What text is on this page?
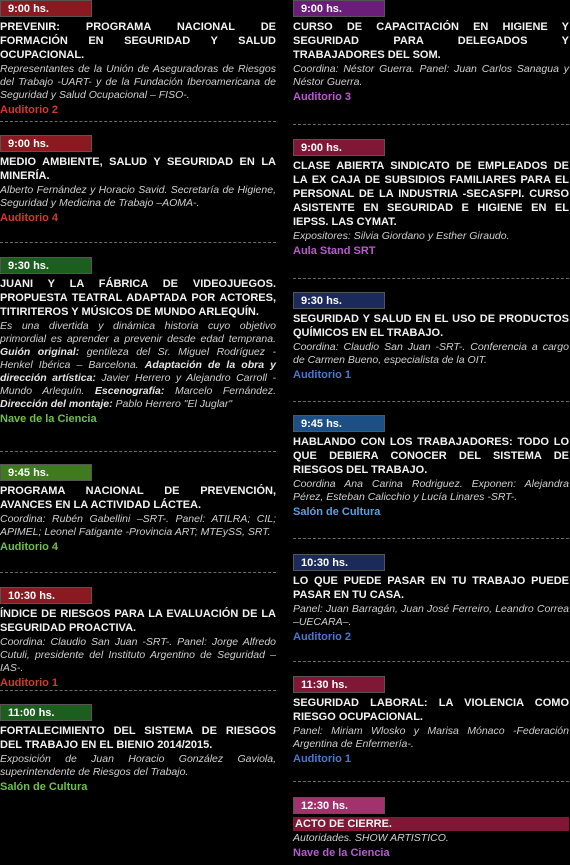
9:00 hs.
PREVENIR: PROGRAMA NACIONAL DE FORMACIÓN EN SEGURIDAD Y SALUD OCUPACIONAL.
Representantes de la Unión de Aseguradoras de Riesgos del Trabajo -UART- y de la Fundación Iberoamericana de Seguridad y Salud Ocupacional – FISO-.
Auditorio 2
9:00 hs.
MEDIO AMBIENTE, SALUD Y SEGURIDAD EN LA MINERÍA.
Alberto Fernández y Horacio Savid. Secretaría de Higiene, Seguridad y Medicina de Trabajo –AOMA-.
Auditorio 4
9:30 hs.
JUANI Y LA FÁBRICA DE VIDEOJUEGOS. PROPUESTA TEATRAL ADAPTADA POR ACTORES, TITIRITEROS Y MÚSICOS DE MUNDO ARLEQUÍN.
Es una divertida y dinámica historia cuyo objetivo primordial es aprender a prevenir desde edad temprana. Guión original: gentileza del Sr. Miguel Rodríguez - Henkel Ibérica – Barcelona. Adaptación de la obra y dirección artística: Javier Herrero y Alejandro Carroll - Mundo Arlequín. Escenografía: Marcelo Fernández. Dirección del montaje: Pablo Herrero "El Juglar"
Nave de la Ciencia
9:45 hs.
PROGRAMA NACIONAL DE PREVENCIÓN, AVANCES EN LA ACTIVIDAD LÁCTEA.
Coordina: Rubén Gabellini –SRT-. Panel: ATILRA; CIL; APIMEL; Leonel Fatigante -Provincia ART; MTEySS, SRT.
Auditorio 4
10:30 hs.
ÍNDICE DE RIESGOS PARA LA EVALUACIÓN DE LA SEGURIDAD PROACTIVA.
Coordina: Claudio San Juan -SRT-. Panel: Jorge Alfredo Cutuli, presidente del Instituto Argentino de Seguridad – IAS-.
Auditorio 1
11:00 hs.
FORTALECIMIENTO DEL SISTEMA DE RIESGOS DEL TRABAJO EN EL BIENIO 2014/2015.
Exposición de Juan Horacio González Gaviola, superintendente de Riesgos del Trabajo.
Salón de Cultura
9:00 hs.
CURSO DE CAPACITACIÓN EN HIGIENE Y SEGURIDAD PARA DELEGADOS Y TRABAJADORES DEL SOM.
Coordina: Néstor Guerra. Panel: Juan Carlos Sanagua y Néstor Guerra.
Auditorio 3
9:00 hs.
CLASE ABIERTA SINDICATO DE EMPLEADOS DE LA EX CAJA DE SUBSIDIOS FAMILIARES PARA EL PERSONAL DE LA INDUSTRIA -SECASFPI. CURSO ASISTENTE EN SEGURIDAD E HIGIENE EN EL IEPSS. LAS CYMAT.
Expositores: Silvia Giordano y Esther Giraudo.
Aula Stand SRT
9:30 hs.
SEGURIDAD Y SALUD EN EL USO DE PRODUCTOS QUÍMICOS EN EL TRABAJO.
Coordina: Claudio San Juan -SRT-. Conferencia a cargo de Carmen Bueno, especialista de la OIT.
Auditorio 1
9:45 hs.
HABLANDO CON LOS TRABAJADORES: TODO LO QUE DEBIERA CONOCER DEL SISTEMA DE RIESGOS DEL TRABAJO.
Coordina Ana Carina Rodriguez. Exponen: Alejandra Pérez, Esteban Calicchio y Lucía Linares -SRT-.
Salón de Cultura
10:30 hs.
LO QUE PUEDE PASAR EN TU TRABAJO PUEDE PASAR EN TU CASA.
Panel: Juan Barragán, Juan José Ferreiro, Leandro Correa –UECARA–.
Auditorio 2
11:30 hs.
SEGURIDAD LABORAL: LA VIOLENCIA COMO RIESGO OCUPACIONAL.
Panel: Miriam Wlosko y Marisa Mónaco -Federación Argentina de Enfermería-.
Auditorio 1
12:30 hs.
ACTO DE CIERRE.
Autoridades. SHOW ARTISTICO.
Nave de la Ciencia
